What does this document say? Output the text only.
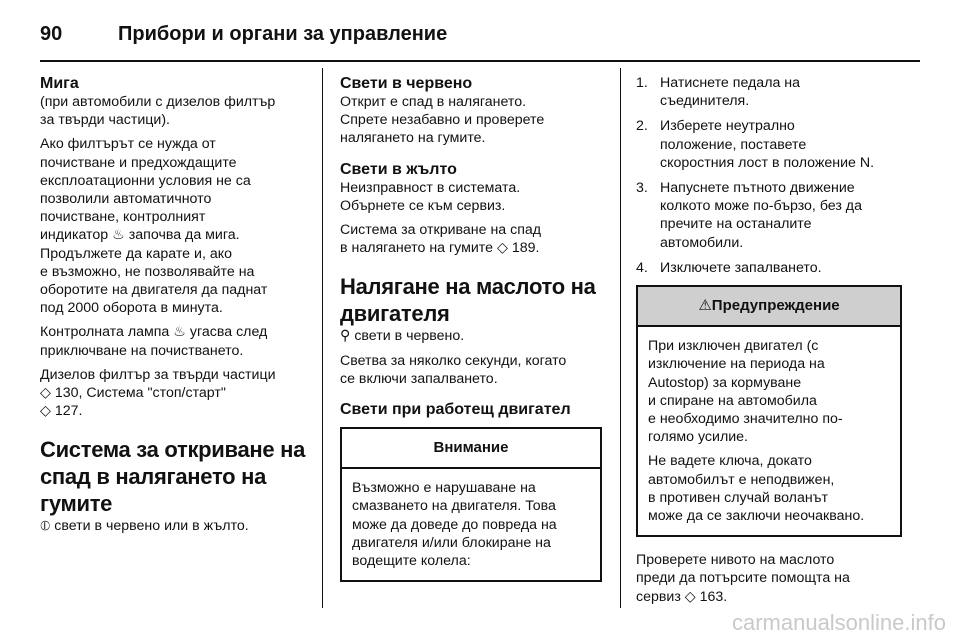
90	Прибори и органи за управление
Мига

(при автомобили с дизелов филтър
за твърди частици).

Ако филтърът се нужда от
почистване и предхождащите
експлоатационни условия не са
позволили автоматичното
почистване, контролният
индикатор ♨ започва да мига.
Продължете да карате и, ако
е възможно, не позволявайте на
оборотите на двигателя да паднат
под 2000 оборота в минута.

Контролната лампа ♨ угасва след
приключване на почистването.

Дизелов филтър за твърди частици
◇ 130, Система "стоп/старт"
◇ 127.

Система за откриване на
спад в налягането на
гумите

⦶ свети в червено или в жълто.

Свети в червено

Открит е спад в налягането.
Спрете незабавно и проверете
налягането на гумите.

Свети в жълто

Неизправност в системата.
Обърнете се към сервиз.

Система за откриване на спад
в налягането на гумите ◇ 189.

Налягане на маслото на
двигателя

⚲ свети в червено.

Светва за няколко секунди, когато
се включи запалването.

Свети при работещ двигател
Внимание
Възможно е нарушаване на
смазването на двигателя. Това
може да доведе до повреда на
двигателя и/или блокиране на
водещите колела:
1. Натиснете педала на
съединителя.
2. Изберете неутрално
положение, поставете
скоростния лост в положение N.
3. Напуснете пътното движение
колкото може по-бързо, без да
пречите на останалите
автомобили.
4. Изключете запалването.
⚠Предупреждение

При изключен двигател (с
изключение на периода на
Autostop) за кормуване
и спиране на автомобила
е необходимо значително по-
голямо усилие.

Не вадете ключа, докато
автомобилът е неподвижен,
в противен случай воланът
може да се заключи неочаквано.

Проверете нивото на маслото
преди да потърсите помощта на
сервиз ◇ 163.

carmanualsonline.info
